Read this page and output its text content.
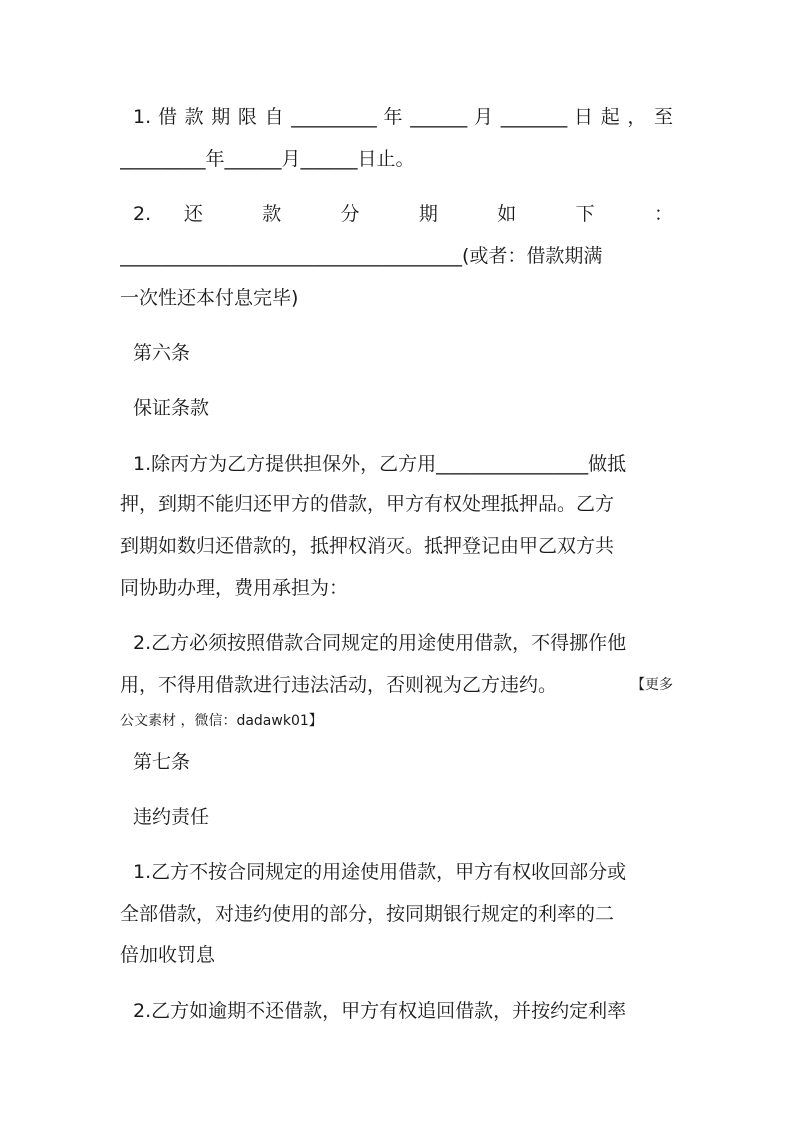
1. 借 款 期 限 自 _________ 年 ______ 月 _______ 日 起 ， 至
_________年______月______日止。
2. 还 款 分 期 如 下 ：
____________________________________(或者：借款期满
一次性还本付息完毕)
第六条
保证条款
1.除丙方为乙方提供担保外，乙方用________________做抵
押，到期不能归还甲方的借款，甲方有权处理抵押品。乙方
到期如数归还借款的，抵押权消灭。抵押登记由甲乙双方共
同协助办理，费用承担为：
2.乙方必须按照借款合同规定的用途使用借款，不得挪作他
用，不得用借款进行违法活动，否则视为乙方违约。	【更多
公文素材 ，微信：dadawk01】
第七条
违约责任
1.乙方不按合同规定的用途使用借款，甲方有权收回部分或
全部借款，对违约使用的部分，按同期银行规定的利率的二
倍加收罚息
2.乙方如逾期不还借款，甲方有权追回借款，并按约定利率
